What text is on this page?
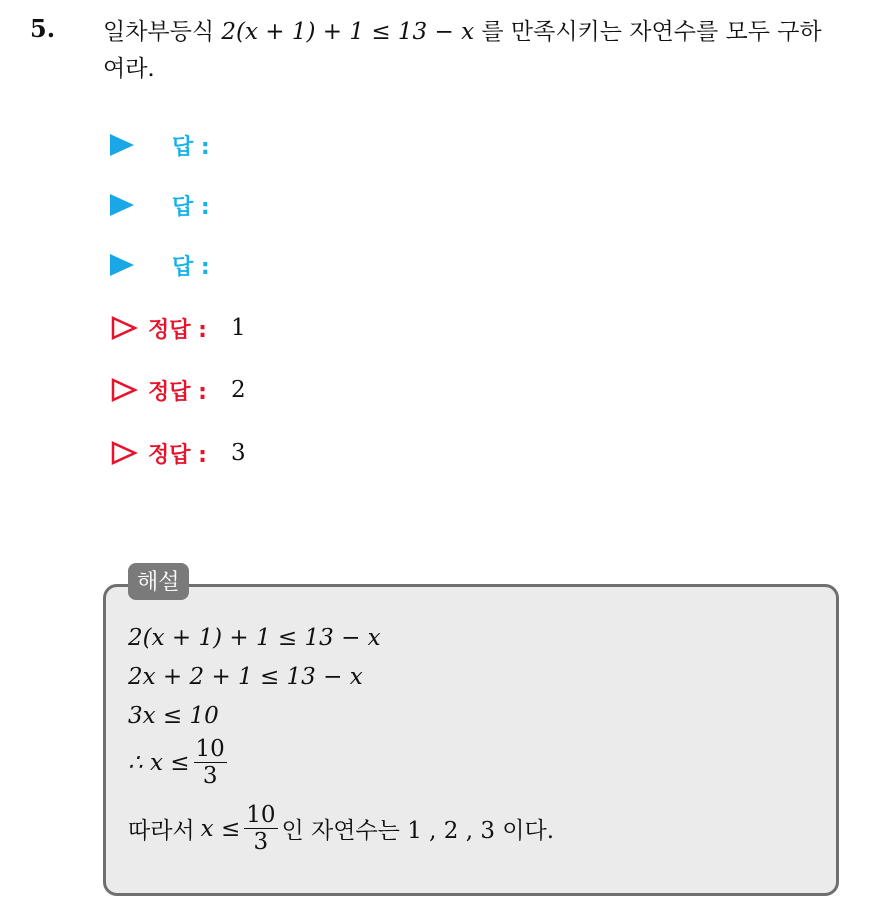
5. 일차부등식 2(x + 1) + 1 ≤ 13 − x 를 만족시키는 자연수를 모두 구하
여라.
답 :
답 :
답 :
정답 : 1
정답 : 2
정답 : 3
해설
2(x + 1) + 1 ≤ 13 − x
2x + 2 + 1 ≤ 13 − x
3x ≤ 10
∴ $x \le \frac{10}{3}$
따라서 $x \le \frac{10}{3}$ 인 자연수는 1 , 2 , 3 이다.
